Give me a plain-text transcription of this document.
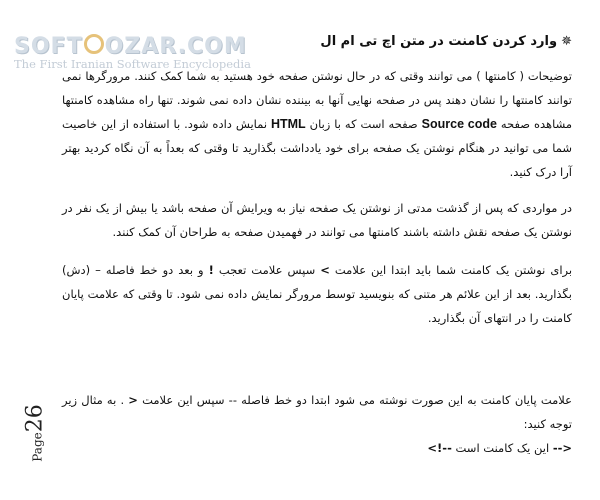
SOFT OZAR.COM
The First Iranian Software Encyclopedia
✵
وارد کردن کامنت در متن اچ تی ام ال

توضیحات ( کامنتها ) می توانند وقتی که در حال نوشتن صفحه خود هستید به شما کمک کنند. مرورگرها نمی توانند کامنتها را نشان دهند پس در صفحه نهایی آنها به بیننده نشان داده نمی شوند. تنها راه مشاهده کامنتها مشاهده صفحه Source code صفحه است که با زبان HTML نمایش داده شود. با استفاده از این خاصیت شما می توانید در هنگام نوشتن یک صفحه برای خود یادداشت بگذارید تا وقتی که بعداً به آن نگاه کردید بهتر آرا درک کنید.

در مواردی که پس از گذشت مدتی از نوشتن یک صفحه نیاز به ویرایش آن صفحه باشد یا بیش از یک نفر در نوشتن یک صفحه نقش داشته باشند کامنتها می توانند در فهمیدن صفحه به طراحان آن کمک کنند.

برای نوشتن یک کامنت شما باید ابتدا این علامت > سپس علامت تعجب ! و بعد دو خط فاصله – (دش) بگذارید. بعد از این علائم هر متنی که بنویسید توسط مرورگر نمایش داده نمی شود. تا وقتی که علامت پایان کامنت را در انتهای آن بگذارید.

علامت پایان کامنت به این صورت نوشته می شود ابتدا دو خط فاصله -- سپس این علامت < . به مثال زیر توجه کنید:

<-- این یک کامنت است --!>

Page26
